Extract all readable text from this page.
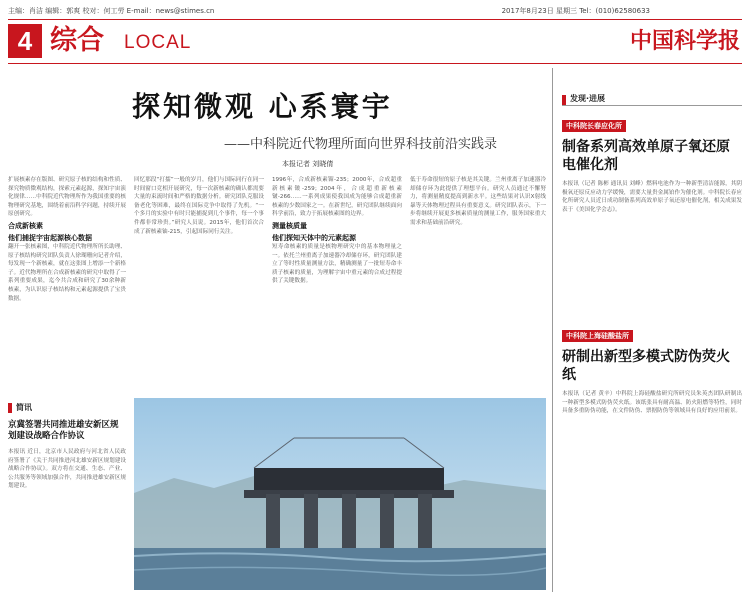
主编：肖洁 编辑：郭爽 校对：何工劳 E-mail：news@stimes.cn	2017年8月23日 星期三 Tel：(010)62580633
4 综合 LOCAL	中国科学报
探知微观 心系寰宇
——中科院近代物理所面向世界科技前沿实践录
本报记者 刘晓倩
扩展核素存在版图、研究原子核的结构和性质、探究物质微观结构，探索元素起源，探知宇宙演化规律……中科院近代物理所作为我国重要的核物理研究基地，围绕着前沿科学问题，持续开展原创研究。
合成新核素
他们捕捉宇宙起源核心数据
翻开一张核素图，中科院近代物理所所长助理、原子核结构研究团队负责人徐瑚珊向记者介绍，每发现一个新核素，就在这张图上增添一个新格子。近代物理所在合成新核素的研究中取得了一系列重要成果，迄今共合成和研究了30余种新核素，为认识原子核结构和元素起源提供了宝贵数据。
回忆那段“打擂”一般的岁月，他们与国际同行在同一时间窗口竞相开展研究，每一次新核素的确认都需要大量的束流时间和严格的数据分析。研究团队克服设备老化等困难，最终在国际竞争中取得了先机。“一个多月的实验中有时只能捕捉到几个事件，每一个事件都非常珍贵。”研究人员说。2015年，他们首次合成了新核素铀-215，引起国际同行关注。
1996年，合成新核素镅-235；2000年，合成超重新核素𬭛-259；2004年，合成超重新核素𬭛-266……一系列成果使我国成为能够合成超重新核素的少数国家之一。在新世纪，研究团队继续面向科学前沿，致力于拓展核素图的边界。
测量核质量
他们探知天体中的元素起源
短寿命核素的质量是核物理研究中的基本物理量之一。依托兰州重离子加速器冷却储存环，研究团队建立了等时性质量测量方法，精确测量了一批短寿命丰质子核素的质量，为理解宇宙中重元素的合成过程提供了关键数据。
低于寿命很短的原子核是其关键。兰州重离子加速器冷却储存环为此提供了理想平台。研究人员通过不懈努力，将测量精度提高到新水平。这些结果对认识X射线暴等天体物理过程具有重要意义。研究团队表示，下一步将继续开展更多核素质量的测量工作，服务国家重大需求和基础前沿研究。
简讯
京冀签署共同推进雄安新区规划建设战略合作协议
本报讯 近日，北京市人民政府与河北省人民政府签署了《关于共同推进河北雄安新区规划建设战略合作协议》。双方将在交通、生态、产业、公共服务等领域加强合作，共同推进雄安新区规划建设。
发现·进展
中科院长春应化所
制备系列高效单原子氧还原电催化剂
本报讯（记者 陈彬 通讯员 刘峰）燃料电池作为一种新型清洁能源，其阴极氧还原反应动力学缓慢，需要大量贵金属铂作为催化剂。中科院长春应化所研究人员近日成功制备系列高效单原子氧还原电催化剂，相关成果发表于《美国化学会志》。
中科院上海硅酸盐所
研制出新型多模式防伪荧火纸
本报讯（记者 黄辛）中科院上海硅酸盐研究所研究员朱英杰团队研制出一种新型多模式防伪荧火纸。该纸张具有耐高温、防火阻燃等特性，同时具备多重防伪功能，在文件防伪、票据防伪等领域具有良好的应用前景。
